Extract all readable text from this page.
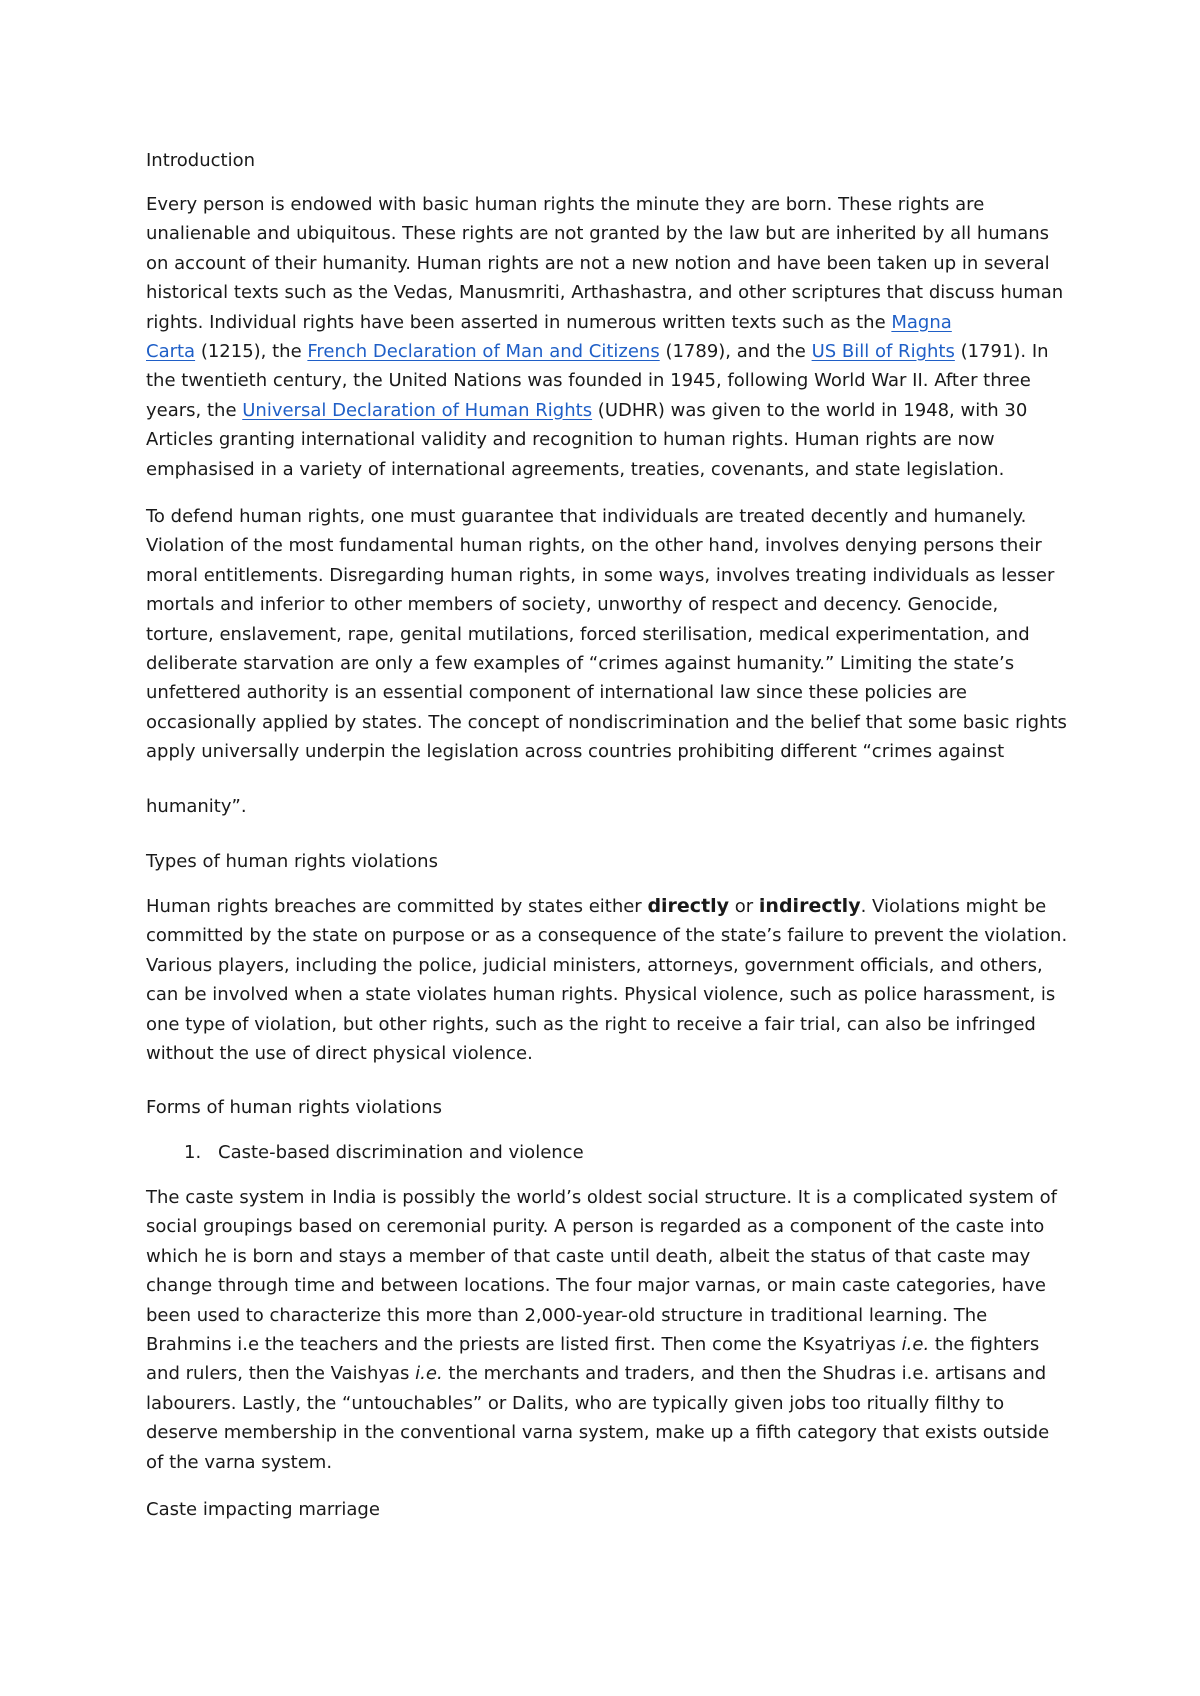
Introduction

Every person is endowed with basic human rights the minute they are born. These rights are
unalienable and ubiquitous. These rights are not granted by the law but are inherited by all humans
on account of their humanity. Human rights are not a new notion and have been taken up in several
historical texts such as the Vedas, Manusmriti, Arthashastra, and other scriptures that discuss human
rights. Individual rights have been asserted in numerous written texts such as the Magna
Carta (1215), the French Declaration of Man and Citizens (1789), and the US Bill of Rights (1791). In
the twentieth century, the United Nations was founded in 1945, following World War II. After three
years, the Universal Declaration of Human Rights (UDHR) was given to the world in 1948, with 30
Articles granting international validity and recognition to human rights. Human rights are now
emphasised in a variety of international agreements, treaties, covenants, and state legislation.

To defend human rights, one must guarantee that individuals are treated decently and humanely.
Violation of the most fundamental human rights, on the other hand, involves denying persons their
moral entitlements. Disregarding human rights, in some ways, involves treating individuals as lesser
mortals and inferior to other members of society, unworthy of respect and decency. Genocide,
torture, enslavement, rape, genital mutilations, forced sterilisation, medical experimentation, and
deliberate starvation are only a few examples of “crimes against humanity.” Limiting the state’s
unfettered authority is an essential component of international law since these policies are
occasionally applied by states. The concept of nondiscrimination and the belief that some basic rights
apply universally underpin the legislation across countries prohibiting different “crimes against

humanity”.

Types of human rights violations

Human rights breaches are committed by states either directly or indirectly. Violations might be
committed by the state on purpose or as a consequence of the state’s failure to prevent the violation.
Various players, including the police, judicial ministers, attorneys, government officials, and others,
can be involved when a state violates human rights. Physical violence, such as police harassment, is
one type of violation, but other rights, such as the right to receive a fair trial, can also be infringed
without the use of direct physical violence.

Forms of human rights violations

1. Caste-based discrimination and violence

The caste system in India is possibly the world’s oldest social structure. It is a complicated system of
social groupings based on ceremonial purity. A person is regarded as a component of the caste into
which he is born and stays a member of that caste until death, albeit the status of that caste may
change through time and between locations. The four major varnas, or main caste categories, have
been used to characterize this more than 2,000-year-old structure in traditional learning. The
Brahmins i.e the teachers and the priests are listed first. Then come the Ksyatriyas i.e. the fighters
and rulers, then the Vaishyas i.e. the merchants and traders, and then the Shudras i.e. artisans and
labourers. Lastly, the “untouchables” or Dalits, who are typically given jobs too ritually filthy to
deserve membership in the conventional varna system, make up a fifth category that exists outside
of the varna system.

Caste impacting marriage
